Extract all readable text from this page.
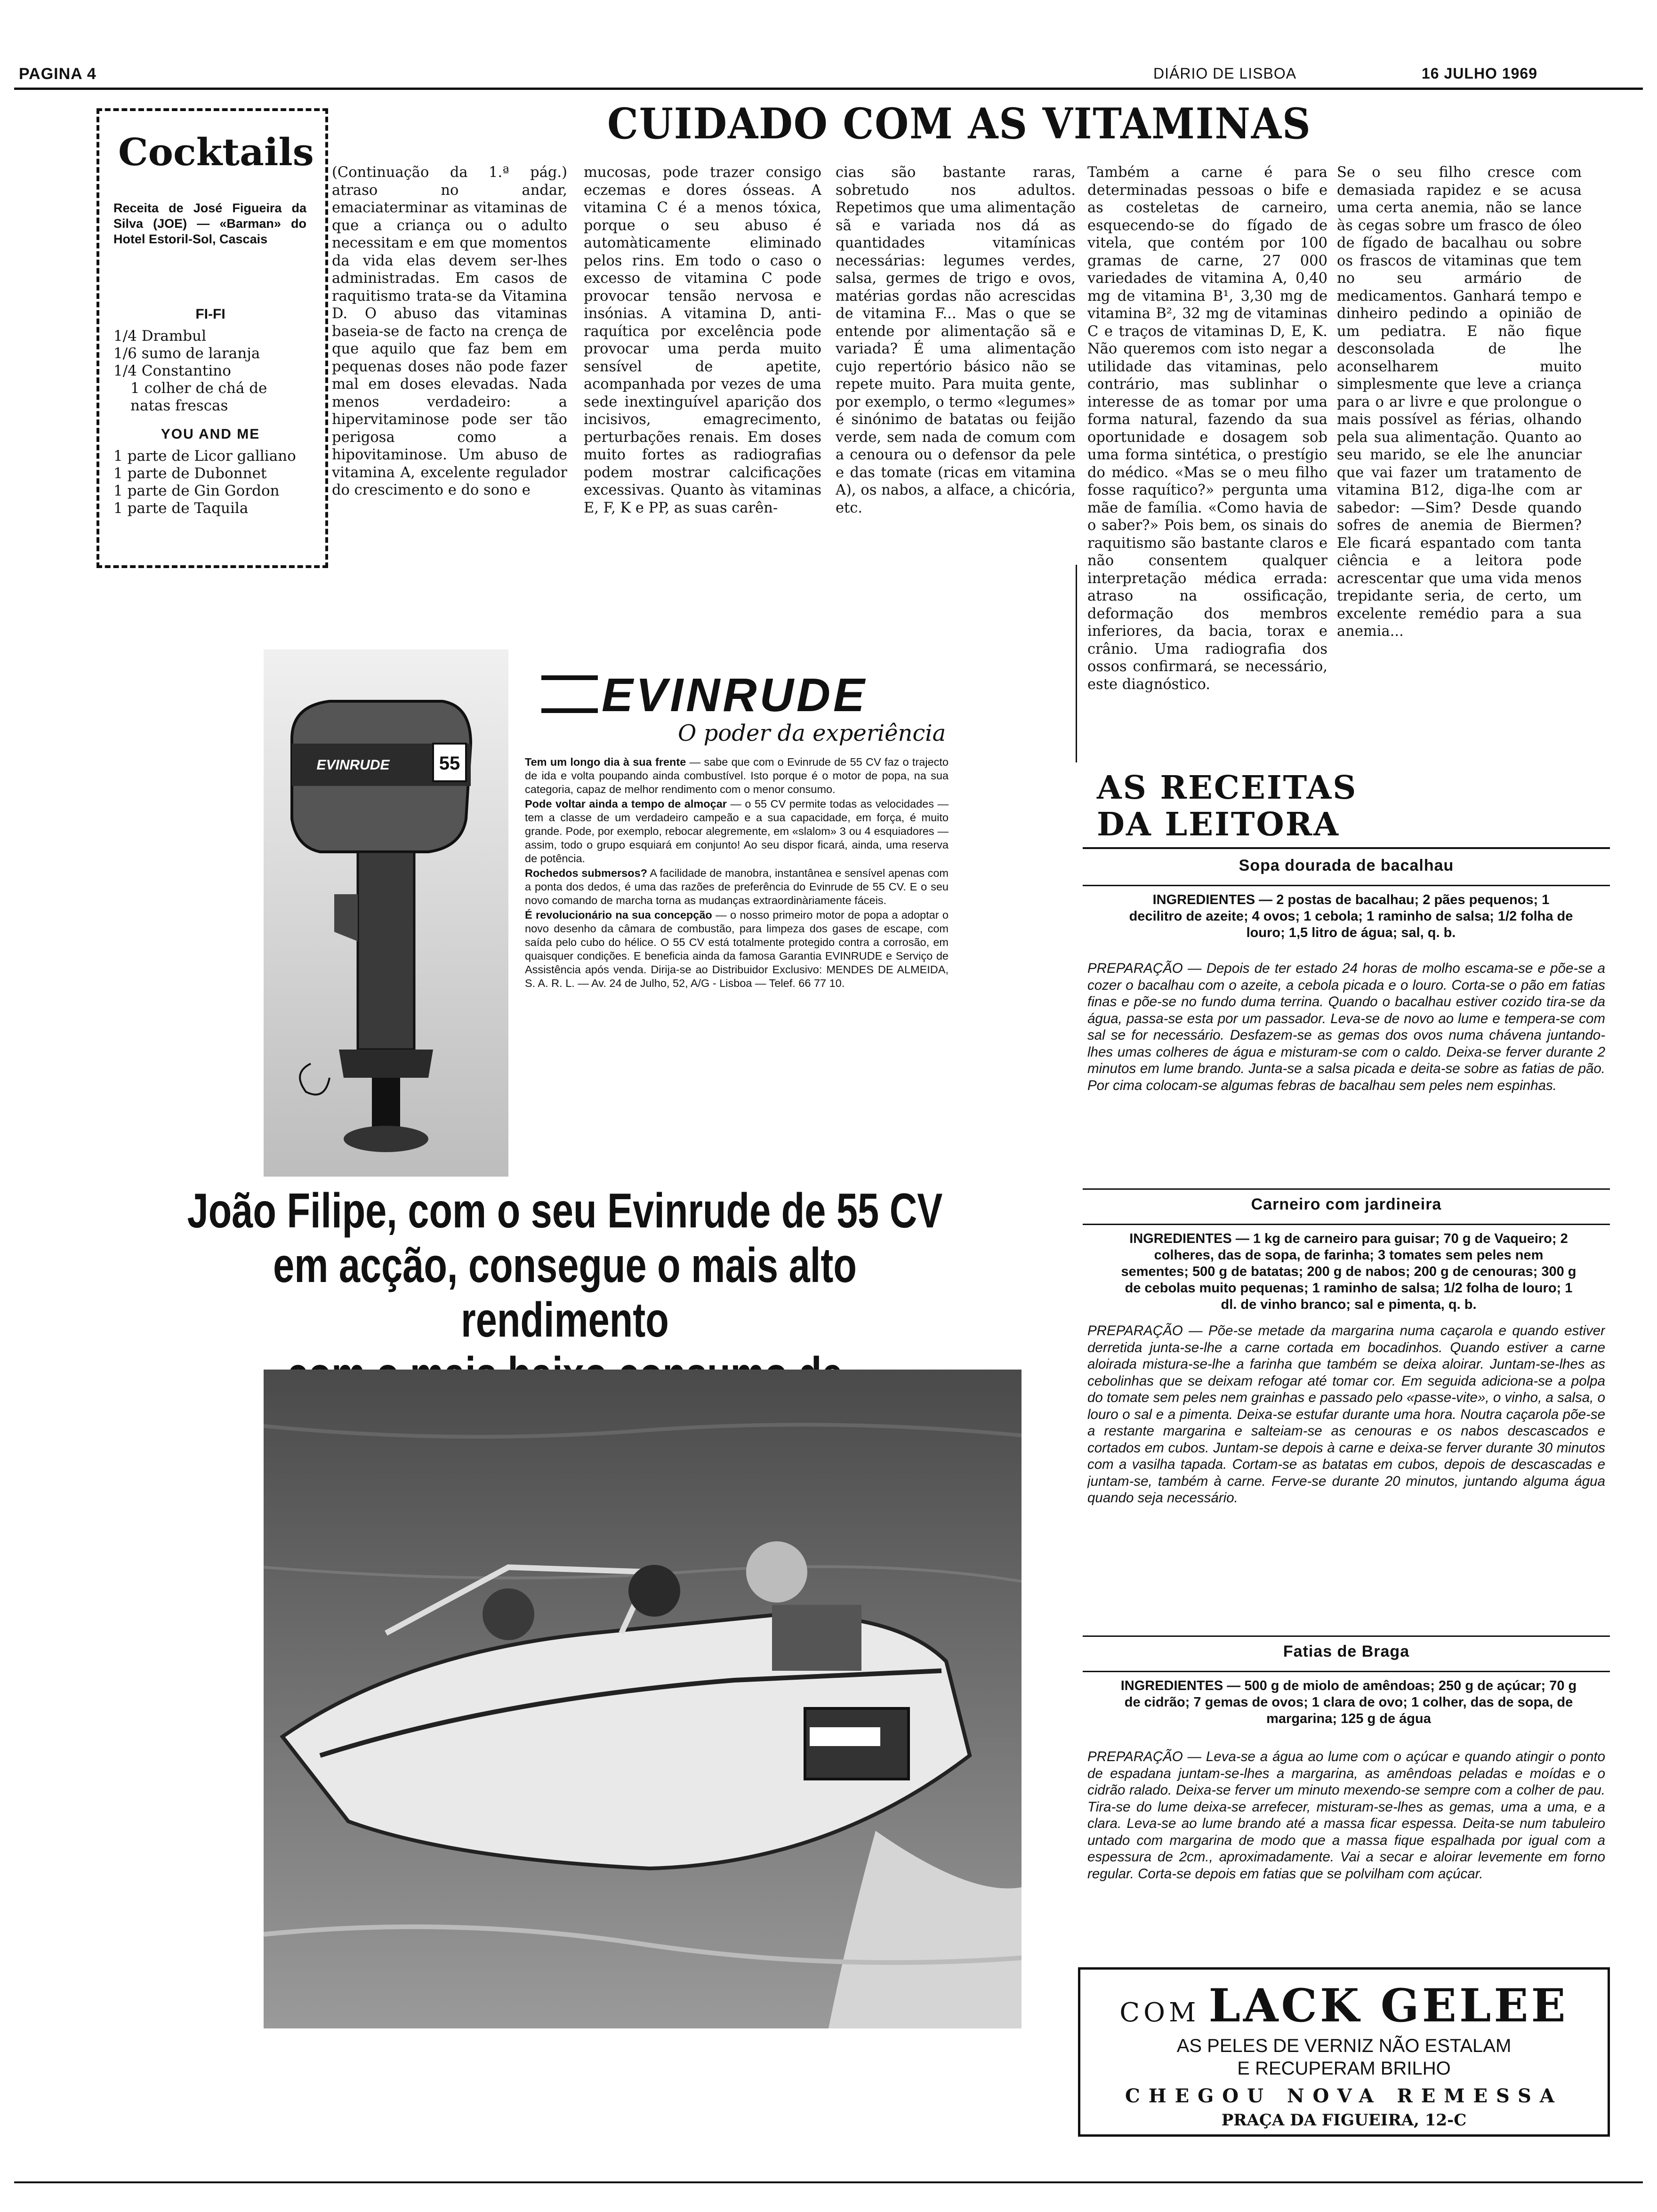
PAGINA 4	DIÁRIO DE LISBOA	16 JULHO 1969
Cocktails
Receita de José Figueira da Silva (JOE) — «Barman» do Hotel Estoril-Sol, Cascais
FI-FI
1/4 Drambul
1/6 sumo de laranja
1/4 Constantino
1 colher de chá de natas frescas
YOU AND ME
1 parte de Licor galliano
1 parte de Dubonnet
1 parte de Gin Gordon
1 parte de Taquila
CUIDADO COM AS VITAMINAS
(Continuação da 1.ª pág.) atraso no andar, emaciaterminar as vitaminas de que a criança ou o adulto necessitam e em que momentos da vida elas devem ser-lhes administradas. Em casos de raquitismo trata-se da Vitamina D. O abuso das vitaminas baseia-se de facto na crença de que aquilo que faz bem em pequenas doses não pode fazer mal em doses elevadas. Nada menos verdadeiro: a hipervitaminose pode ser tão perigosa como a hipovitaminose. Um abuso de vitamina A, excelente regulador do crescimento e do sono e
mucosas, pode trazer consigo eczemas e dores ósseas. A vitamina C é a menos tóxica, porque o seu abuso é automàticamente eliminado pelos rins. Em todo o caso o excesso de vitamina C pode provocar tensão nervosa e insónias. A vitamina D, anti-raquítica por excelência pode provocar uma perda muito sensível de apetite, acompanhada por vezes de uma sede inextinguível aparição dos incisivos, emagrecimento, perturbações renais. Em doses muito fortes as radiografias podem mostrar calcificações excessivas. Quanto às vitaminas E, F, K e PP, as suas carên-
cias são bastante raras, sobretudo nos adultos. Repetimos que uma alimentação sã e variada nos dá as quantidades vitamínicas necessárias: legumes verdes, salsa, germes de trigo e ovos, matérias gordas não acrescidas de vitamina F... Mas o que se entende por alimentação sã e variada? É uma alimentação cujo repertório básico não se repete muito. Para muita gente, por exemplo, o termo «legumes» é sinónimo de batatas ou feijão verde, sem nada de comum com a cenoura ou o defensor da pele e das tomate (ricas em vitamina A), os nabos, a alface, a chicória, etc.
Também a carne é para determinadas pessoas o bife e as costeletas de carneiro, esquecendo-se do fígado de vitela, que contém por 100 gramas de carne, 27 000 variedades de vitamina A, 0,40 mg de vitamina B¹, 3,30 mg de vitamina B², 32 mg de vitaminas C e traços de vitaminas D, E, K. Não queremos com isto negar a utilidade das vitaminas, pelo contrário, mas sublinhar o interesse de as tomar por uma forma natural, fazendo da sua oportunidade e dosagem sob uma forma sintética, o prestígio do médico. «Mas se o meu filho fosse raquítico?» pergunta uma mãe de família. «Como havia de o saber?» Pois bem, os sinais do raquitismo são bastante claros e não consentem qualquer interpretação médica errada: atraso na ossificação, deformação dos membros inferiores, da bacia, torax e crânio. Uma radiografia dos ossos confirmará, se necessário, este diagnóstico.
Se o seu filho cresce com demasiada rapidez e se acusa uma certa anemia, não se lance às cegas sobre um frasco de óleo de fígado de bacalhau ou sobre os frascos de vitaminas que tem no seu armário de medicamentos. Ganhará tempo e dinheiro pedindo a opinião de um pediatra. E não fique desconsolada de lhe aconselharem muito simplesmente que leve a criança para o ar livre e que prolongue o mais possível as férias, olhando pela sua alimentação. Quanto ao seu marido, se ele lhe anunciar que vai fazer um tratamento de vitamina B12, diga-lhe com ar sabedor: —Sim? Desde quando sofres de anemia de Biermen? Ele ficará espantado com tanta ciência e a leitora pode acrescentar que uma vida menos trepidante seria, de certo, um excelente remédio para a sua anemia...
55
EVINRUDE
EVINRUDE
O poder da experiência

Tem um longo dia à sua frente — sabe que com o Evinrude de 55 CV faz o trajecto de ida e volta poupando ainda combustível. Isto porque é o motor de popa, na sua categoria, capaz de melhor rendimento com o menor consumo.

Pode voltar ainda a tempo de almoçar — o 55 CV permite todas as velocidades — tem a classe de um verdadeiro campeão e a sua capacidade, em força, é muito grande. Pode, por exemplo, rebocar alegremente, em «slalom» 3 ou 4 esquiadores — assim, todo o grupo esquiará em conjunto! Ao seu dispor ficará, ainda, uma reserva de potência.

Rochedos submersos? A facilidade de manobra, instantânea e sensível apenas com a ponta dos dedos, é uma das razões de preferência do Evinrude de 55 CV. E o seu novo comando de marcha torna as mudanças extraordinàriamente fáceis.

É revolucionário na sua concepção — o nosso primeiro motor de popa a adoptar o novo desenho da câmara de combustão, para limpeza dos gases de escape, com saída pelo cubo do hélice. O 55 CV está totalmente protegido contra a corrosão, em quaisquer condições. E beneficia ainda da famosa Garantia EVINRUDE e Serviço de Assistência após venda. Dirija-se ao Distribuidor Exclusivo: MENDES DE ALMEIDA, S. A. R. L. — Av. 24 de Julho, 52, A/G - Lisboa — Telef. 66 77 10.

João Filipe, com o seu Evinrude de 55 CV
em acção, consegue o mais alto rendimento
AS RECEITAS
DA LEITORA
Sopa dourada de bacalhau
INGREDIENTES — 2 postas de bacalhau; 2 pães pequenos; 1 decilitro de azeite; 4 ovos; 1 cebola; 1 raminho de salsa; 1/2 folha de louro; 1,5 litro de água; sal, q. b.
PREPARAÇÃO — Depois de ter estado 24 horas de molho escama-se e põe-se a cozer o bacalhau com o azeite, a cebola picada e o louro. Corta-se o pão em fatias finas e põe-se no fundo duma terrina. Quando o bacalhau estiver cozido tira-se da água, passa-se esta por um passador. Leva-se de novo ao lume e tempera-se com sal se for necessário. Desfazem-se as gemas dos ovos numa chávena juntando-lhes umas colheres de água e misturam-se com o caldo. Deixa-se ferver durante 2 minutos em lume brando. Junta-se a salsa picada e deita-se sobre as fatias de pão. Por cima colocam-se algumas febras de bacalhau sem peles nem espinhas.
Carneiro com jardineira
INGREDIENTES — 1 kg de carneiro para guisar; 70 g de Vaqueiro; 2 colheres, das de sopa, de farinha; 3 tomates sem peles nem sementes; 500 g de batatas; 200 g de nabos; 200 g de cenouras; 300 g de cebolas muito pequenas; 1 raminho de salsa; 1/2 folha de louro; 1 dl. de vinho branco; sal e pimenta, q. b.
PREPARAÇÃO — Põe-se metade da margarina numa caçarola e quando estiver derretida junta-se-lhe a carne cortada em bocadinhos. Quando estiver a carne aloirada mistura-se-lhe a farinha que também se deixa aloirar. Juntam-se-lhes as cebolinhas que se deixam refogar até tomar cor. Em seguida adiciona-se a polpa do tomate sem peles nem grainhas e passado pelo «passe-vite», o vinho, a salsa, o louro o sal e a pimenta. Deixa-se estufar durante uma hora. Noutra caçarola põe-se a restante margarina e salteiam-se as cenouras e os nabos descascados e cortados em cubos. Juntam-se depois à carne e deixa-se ferver durante 30 minutos com a vasilha tapada. Cortam-se as batatas em cubos, depois de descascadas e juntam-se, também à carne. Ferve-se durante 20 minutos, juntando alguma água quando seja necessário.
Fatias de Braga
INGREDIENTES — 500 g de miolo de amêndoas; 250 g de açúcar; 70 g de cidrão; 7 gemas de ovos; 1 clara de ovo; 1 colher, das de sopa, de margarina; 125 g de água
PREPARAÇÃO — Leva-se a água ao lume com o açúcar e quando atingir o ponto de espadana juntam-se-lhes a margarina, as amêndoas peladas e moídas e o cidrão ralado. Deixa-se ferver um minuto mexendo-se sempre com a colher de pau. Tira-se do lume deixa-se arrefecer, misturam-se-lhes as gemas, uma a uma, e a clara. Leva-se ao lume brando até a massa ficar espessa. Deita-se num tabuleiro untado com margarina de modo que a massa fique espalhada por igual com a espessura de 2cm., aproximadamente. Vai a secar e aloirar levemente em forno regular. Corta-se depois em fatias que se polvilham com açúcar.
COM LACK GELEE
AS PELES DE VERNIZ NÃO ESTALAM
E RECUPERAM BRILHO
CHEGOU NOVA REMESSA
PRAÇA DA FIGUEIRA, 12-C
